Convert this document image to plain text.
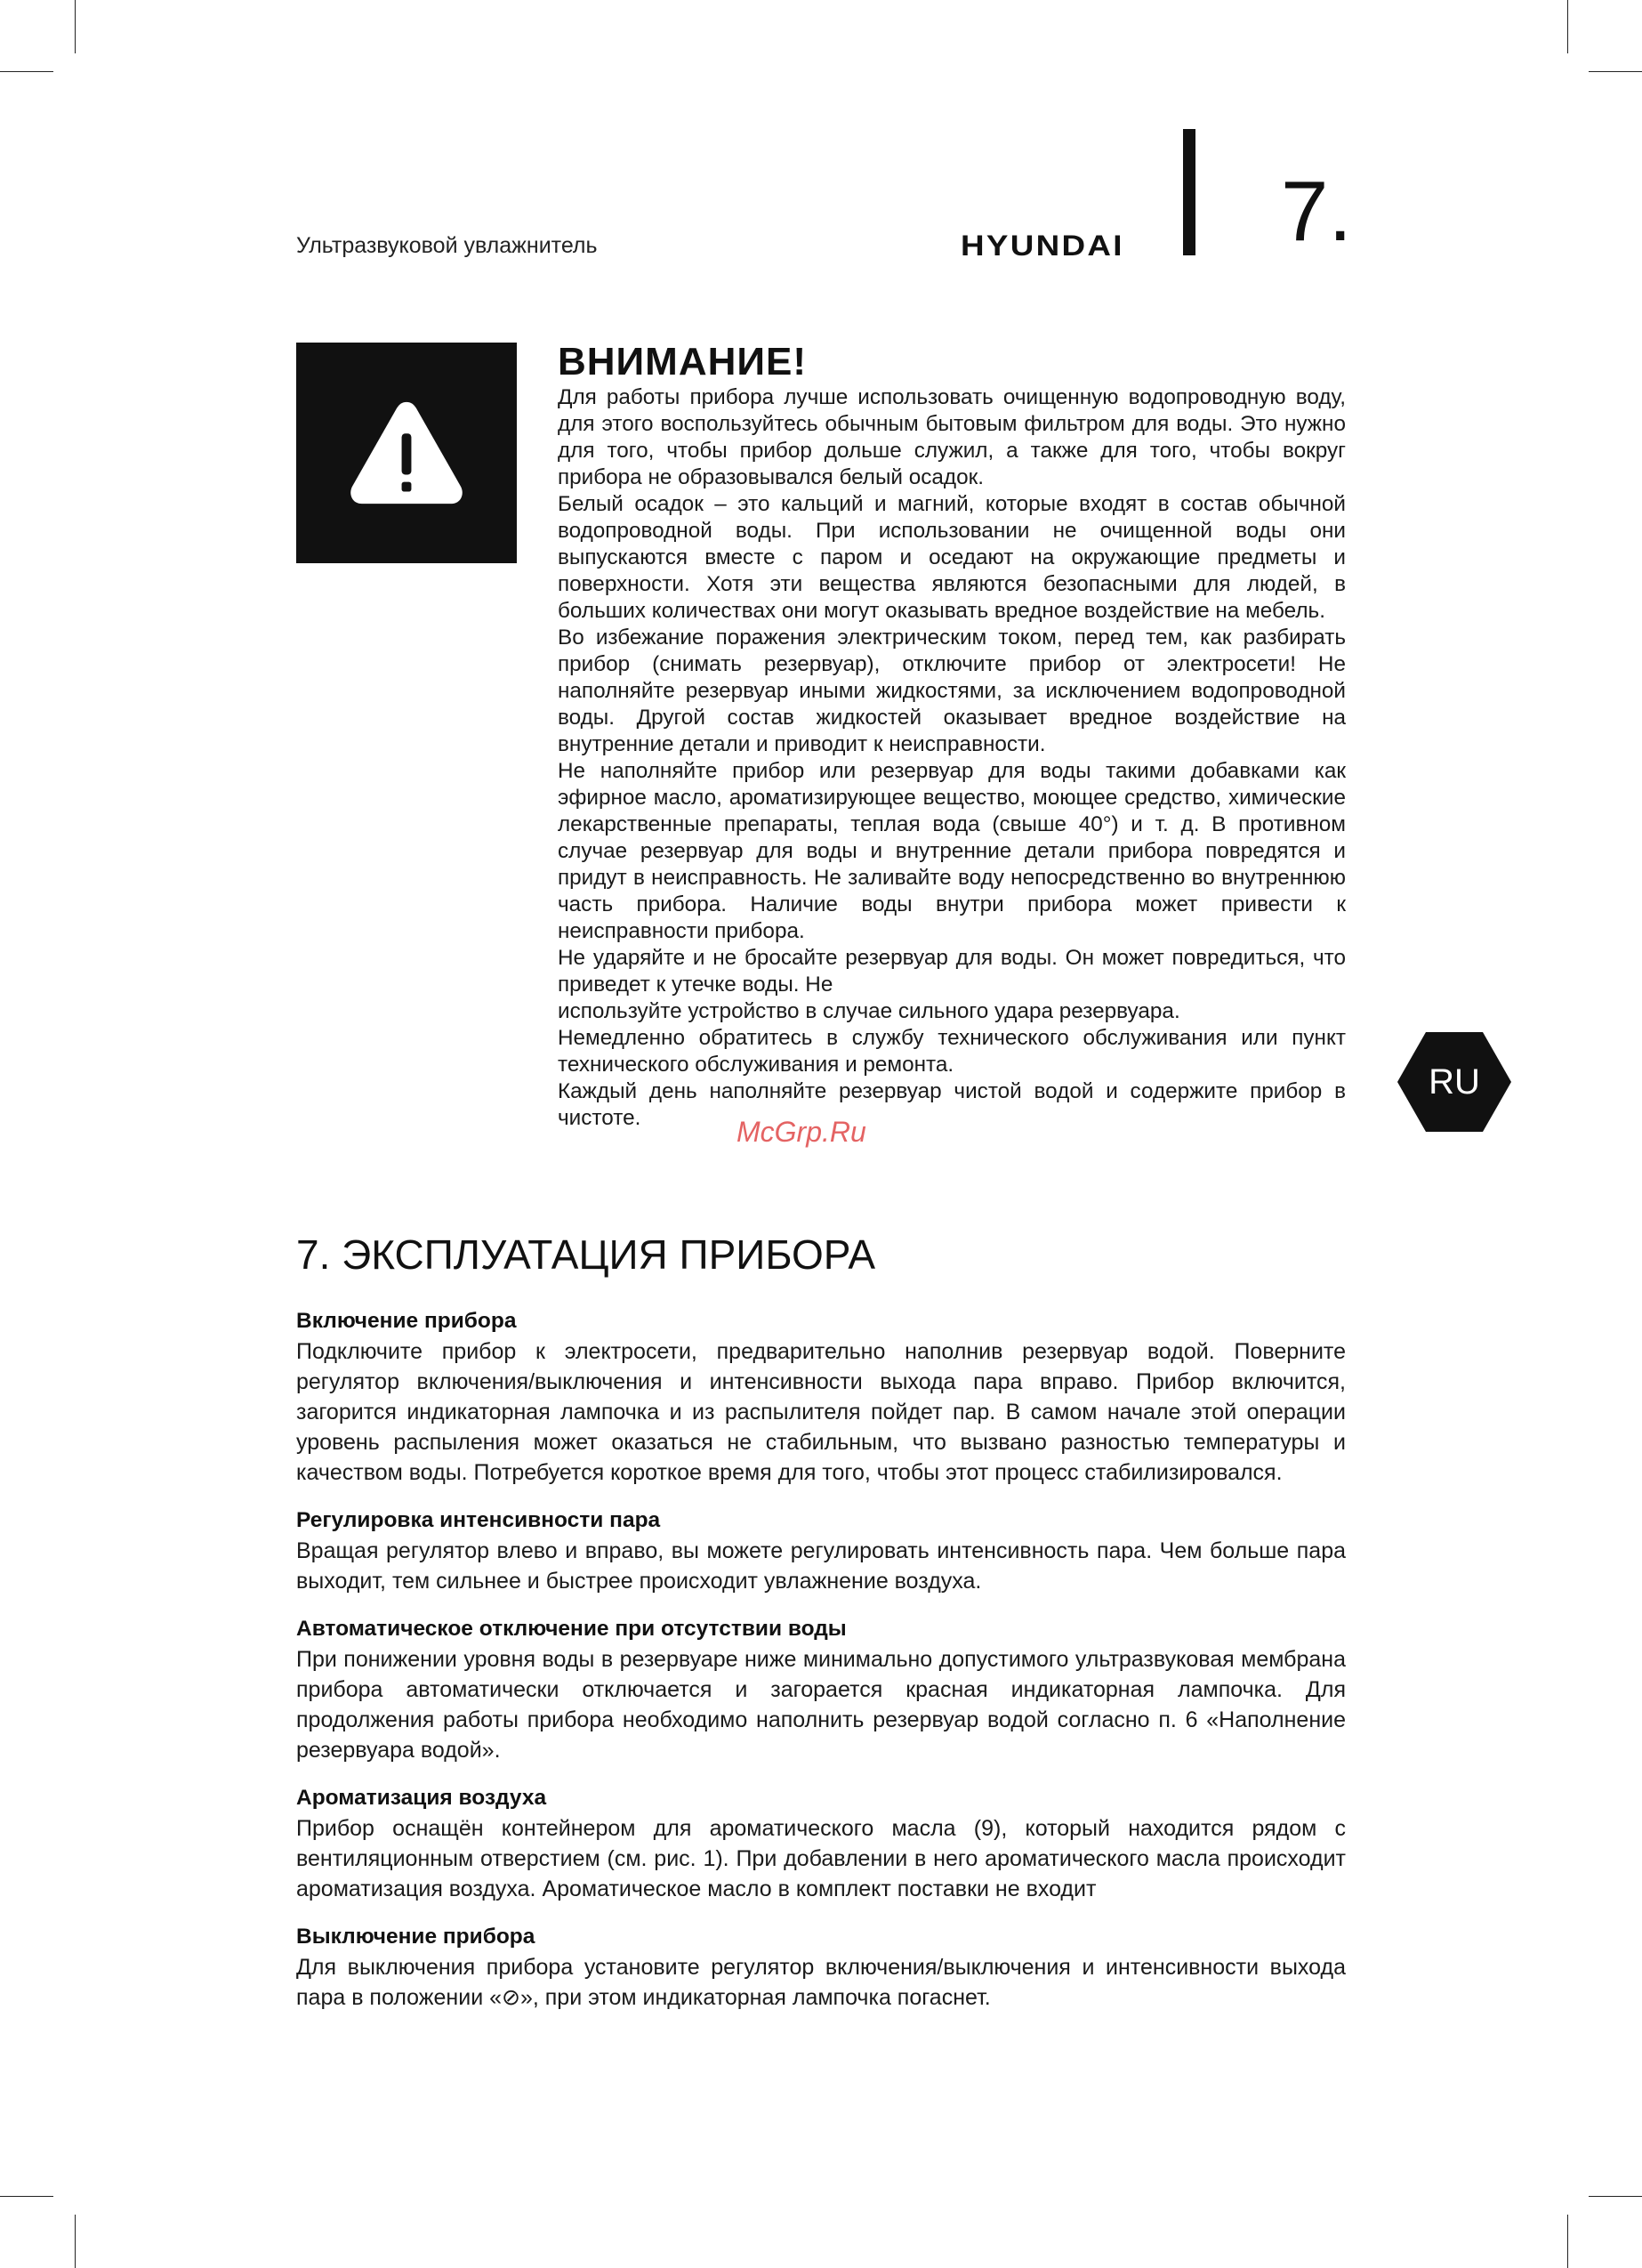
Ультразвуковой увлажнитель	HYUNDAI 7.
ВНИМАНИЕ!

Для работы прибора лучше использовать очищенную водопроводную воду, для этого воспользуйтесь обычным бытовым фильтром для воды. Это нужно для того, чтобы прибор дольше служил, а также для того, чтобы вокруг прибора не образовывался белый осадок.

Белый осадок – это кальций и магний, которые входят в состав обычной водопроводной воды. При использовании не очищенной воды они выпускаются вместе с паром и оседают на окружающие предметы и поверхности. Хотя эти вещества являются безопасными для людей, в больших количествах они могут оказывать вредное воздействие на мебель.

Во избежание поражения электрическим током, перед тем, как разбирать прибор (снимать резервуар), отключите прибор от электросети! Не наполняйте резервуар иными жидкостями, за исключением водопроводной воды. Другой состав жидкостей оказывает вредное воздействие на внутренние детали и приводит к неисправности.

Не наполняйте прибор или резервуар для воды такими добавками как эфирное масло, ароматизирующее вещество, моющее средство, химические лекарственные препараты, теплая вода (свыше 40°) и т. д. В противном случае резервуар для воды и внутренние детали прибора повредятся и придут в неисправность. Не заливайте воду непосредственно во внутреннюю часть прибора. Наличие воды внутри прибора может привести к неисправности прибора.

Не ударяйте и не бросайте резервуар для воды. Он может повредиться, что приведет к утечке воды. Не

используйте устройство в случае сильного удара резервуара.

Немедленно обратитесь в службу технического обслуживания или пункт технического обслуживания и ремонта.

Каждый день наполняйте резервуар чистой водой и содержите прибор в чистоте.	McGrp.Ru
RU
7. ЭКСПЛУАТАЦИЯ ПРИБОРА
Включение прибора

Подключите прибор к электросети, предварительно наполнив резервуар водой. Поверните регулятор включения/выключения и интенсивности выхода пара вправо. Прибор включится, загорится индикаторная лампочка и из распылителя пойдет пар. В самом начале этой операции уровень распыления может оказаться не стабильным, что вызвано разностью температуры и качеством воды. Потребуется короткое время для того, чтобы этот процесс стабилизировался.

Регулировка интенсивности пара

Вращая регулятор влево и вправо, вы можете регулировать интенсивность пара. Чем больше пара выходит, тем сильнее и быстрее происходит увлажнение воздуха.

Автоматическое отключение при отсутствии воды

При понижении уровня воды в резервуаре ниже минимально допустимого ультразвуковая мембрана прибора автоматически отключается и загорается красная индикаторная лампочка. Для продолжения работы прибора необходимо наполнить резервуар водой согласно п. 6 «Наполнение резервуара водой».

Ароматизация воздуха

Прибор оснащён контейнером для ароматического масла (9), который находится рядом с вентиляционным отверстием (см. рис. 1). При добавлении в него ароматического масла происходит ароматизация воздуха. Ароматическое масло в комплект поставки не входит

Выключение прибора

Для выключения прибора установите регулятор включения/выключения и интенсивности выхода пара в положении «⊘», при этом индикаторная лампочка погаснет.
